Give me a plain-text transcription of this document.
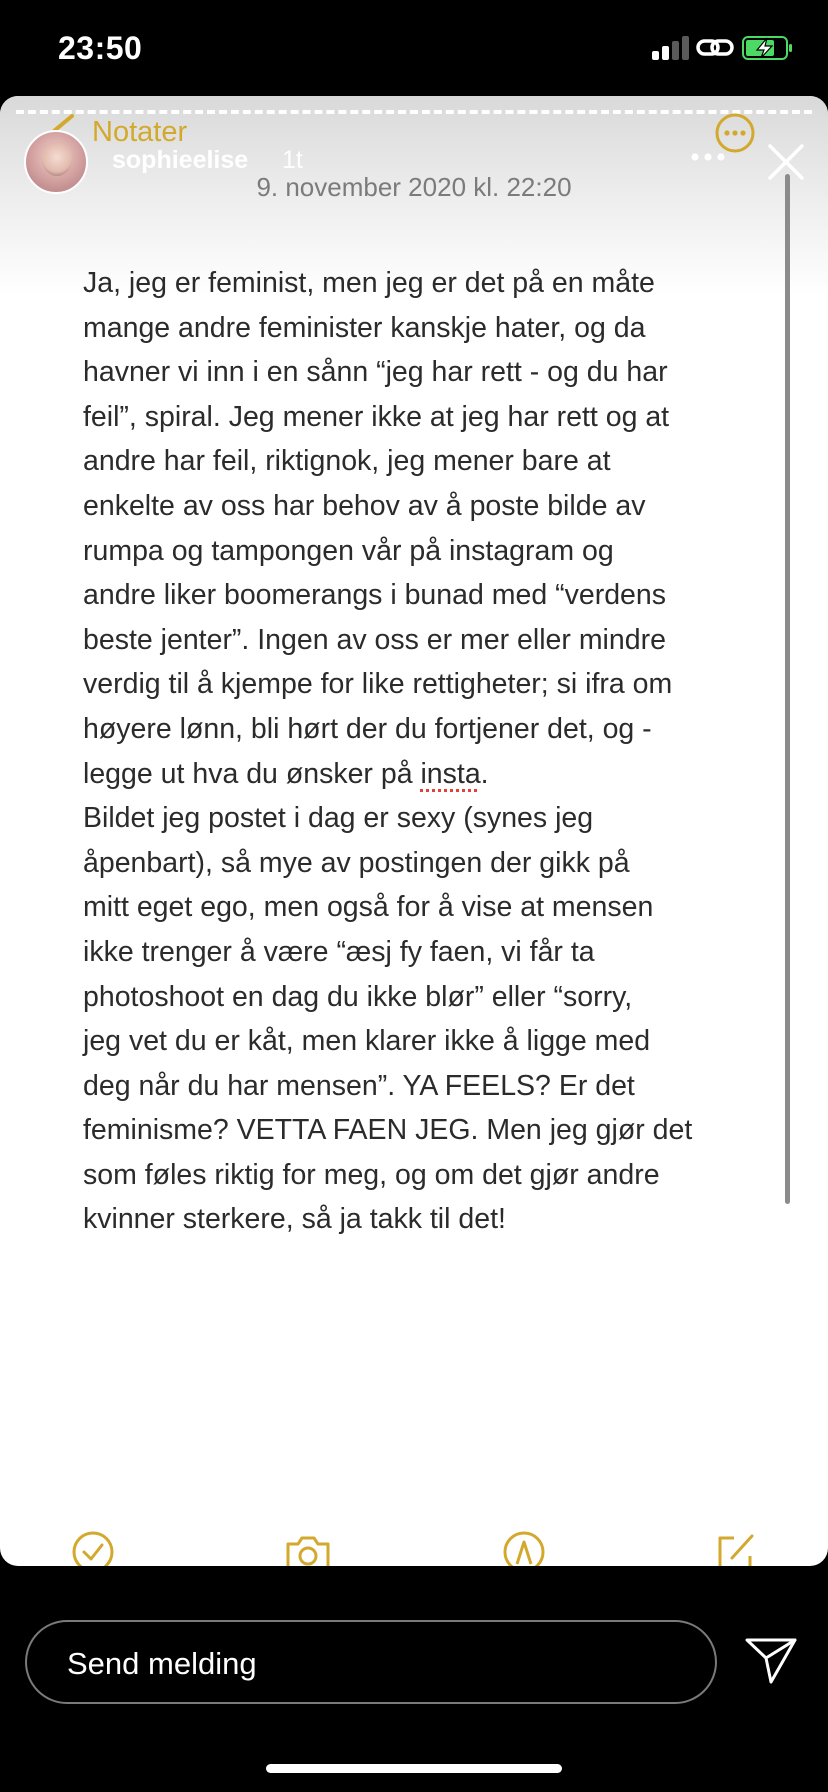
23:50
Notater
sophieelise 1t
9. november 2020 kl. 22:20

Ja, jeg er feminist, men jeg er det på en måte
mange andre feminister kanskje hater, og da
havner vi inn i en sånn “jeg har rett - og du har
feil”, spiral. Jeg mener ikke at jeg har rett og at
andre har feil, riktignok, jeg mener bare at
enkelte av oss har behov av å poste bilde av
rumpa og tampongen vår på instagram og
andre liker boomerangs i bunad med “verdens
beste jenter”. Ingen av oss er mer eller mindre
verdig til å kjempe for like rettigheter; si ifra om
høyere lønn, bli hørt der du fortjener det, og -
legge ut hva du ønsker på insta.

Bildet jeg postet i dag er sexy (synes jeg
åpenbart), så mye av postingen der gikk på
mitt eget ego, men også for å vise at mensen
ikke trenger å være “æsj fy faen, vi får ta
photoshoot en dag du ikke blør” eller “sorry,
jeg vet du er kåt, men klarer ikke å ligge med
deg når du har mensen”. YA FEELS? Er det
feminisme? VETTA FAEN JEG. Men jeg gjør det
som føles riktig for meg, og om det gjør andre
kvinner sterkere, så ja takk til det!

Send melding
